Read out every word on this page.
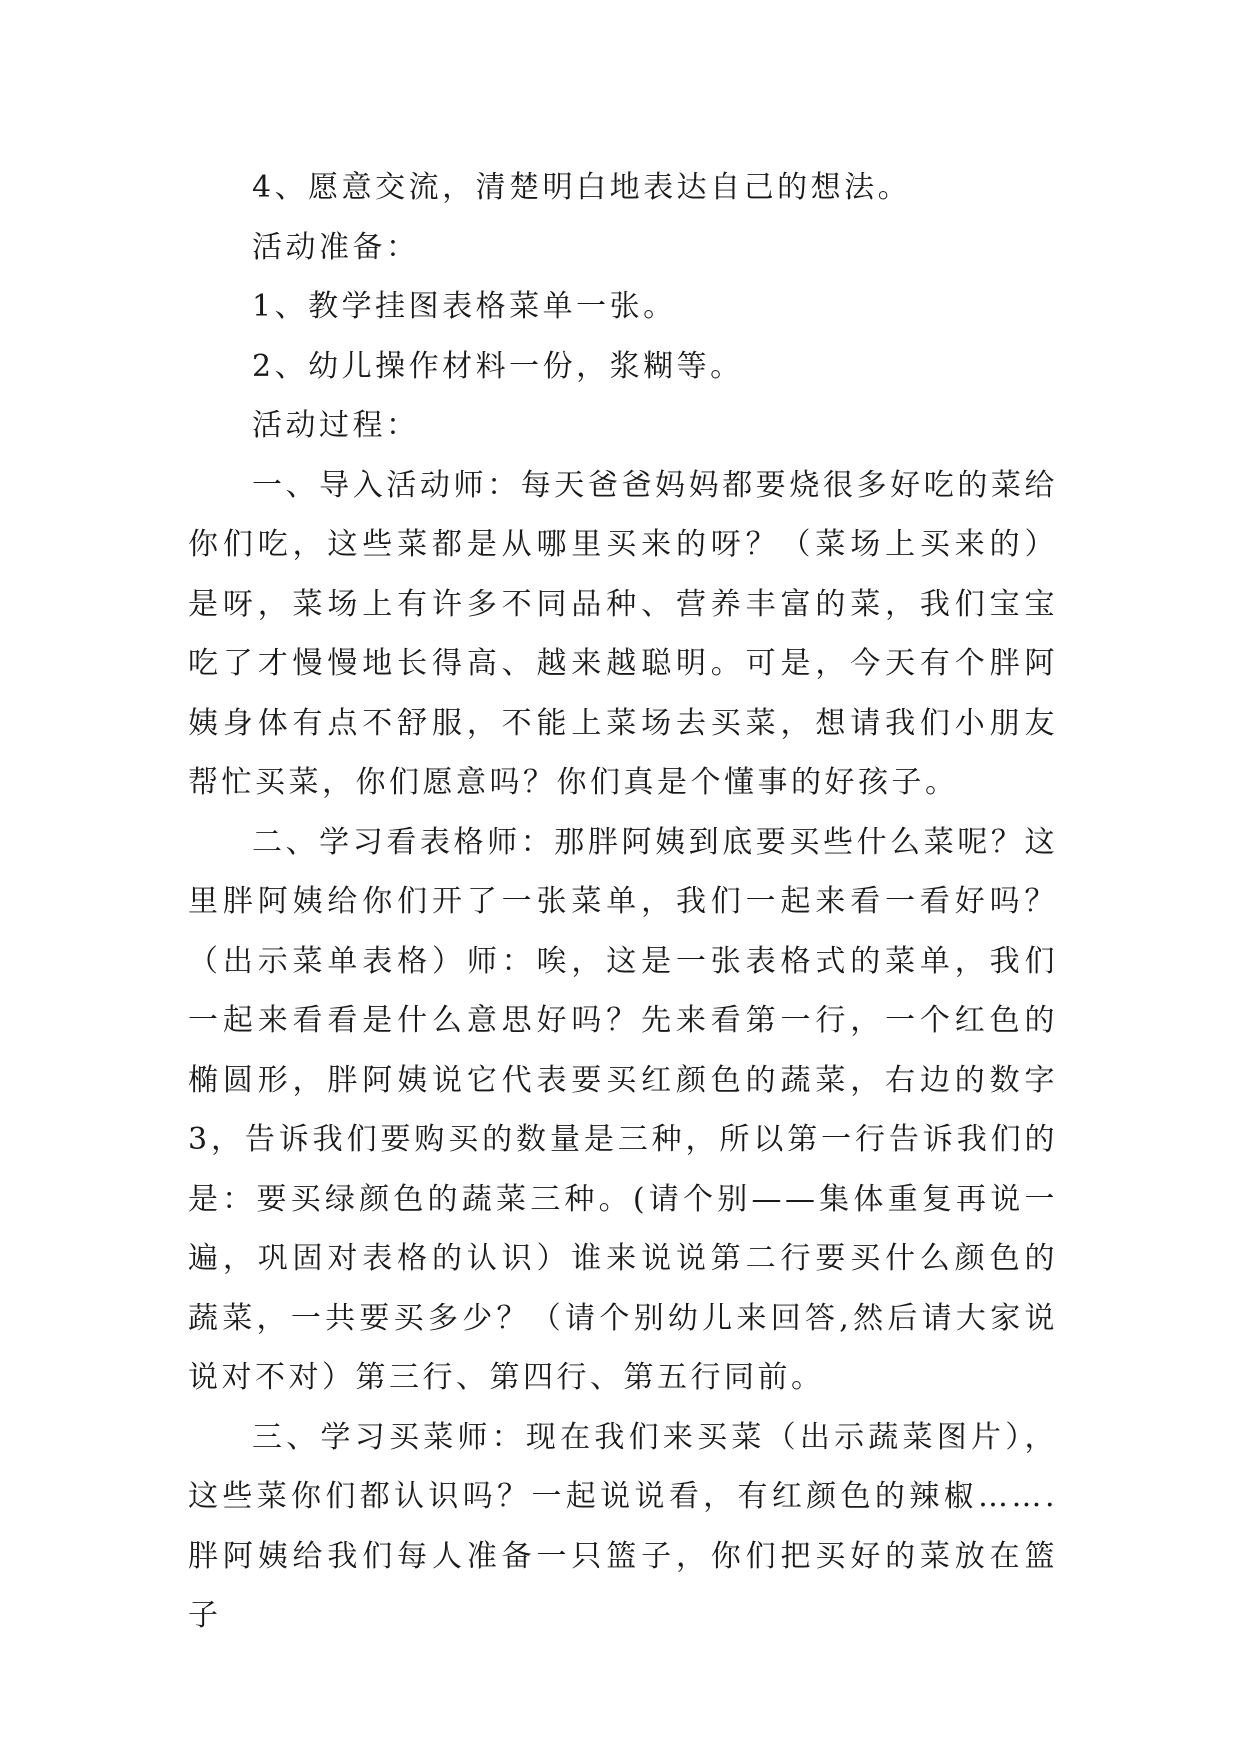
4、愿意交流，清楚明白地表达自己的想法。

活动准备：

1、教学挂图表格菜单一张。

2、幼儿操作材料一份，浆糊等。

活动过程：

一、导入活动师：每天爸爸妈妈都要烧很多好吃的菜给你们吃，这些菜都是从哪里买来的呀？（菜场上买来的）是呀，菜场上有许多不同品种、营养丰富的菜，我们宝宝吃了才慢慢地长得高、越来越聪明。可是，今天有个胖阿姨身体有点不舒服，不能上菜场去买菜，想请我们小朋友帮忙买菜，你们愿意吗？你们真是个懂事的好孩子。

二、学习看表格师：那胖阿姨到底要买些什么菜呢？这里胖阿姨给你们开了一张菜单，我们一起来看一看好吗？（出示菜单表格）师：唉，这是一张表格式的菜单，我们一起来看看是什么意思好吗？先来看第一行，一个红色的椭圆形，胖阿姨说它代表要买红颜色的蔬菜，右边的数字3，告诉我们要购买的数量是三种，所以第一行告诉我们的是：要买绿颜色的蔬菜三种。(请个别——集体重复再说一遍，巩固对表格的认识）谁来说说第二行要买什么颜色的蔬菜，一共要买多少？（请个别幼儿来回答,然后请大家说说对不对）第三行、第四行、第五行同前。

三、学习买菜师：现在我们来买菜（出示蔬菜图片），这些菜你们都认识吗？一起说说看，有红颜色的辣椒…….胖阿姨给我们每人准备一只篮子，你们把买好的菜放在篮子
